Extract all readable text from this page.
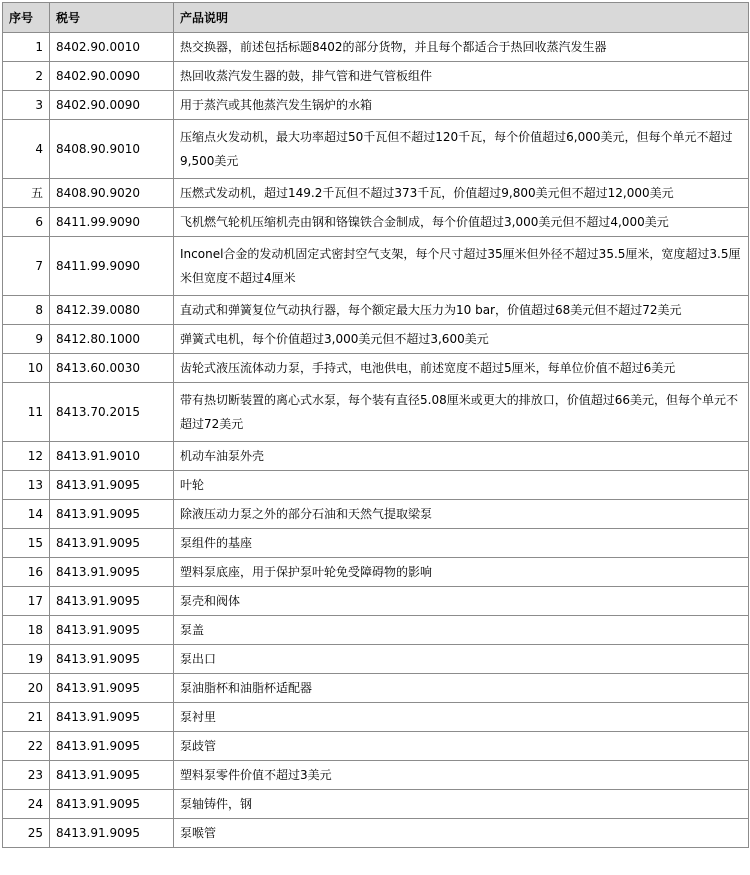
序号	税号	产品说明
1	8402.90.0010	热交换器，前述包括标题8402的部分货物，并且每个都适合于热回收蒸汽发生器
2	8402.90.0090	热回收蒸汽发生器的鼓，排气管和进气管板组件
3	8402.90.0090	用于蒸汽或其他蒸汽发生锅炉的水箱
4	8408.90.9010	压缩点火发动机，最大功率超过50千瓦但不超过120千瓦，每个价值超过6,000美元，但每个单元不超过9,500美元
五	8408.90.9020	压燃式发动机，超过149.2千瓦但不超过373千瓦，价值超过9,800美元但不超过12,000美元
6	8411.99.9090	飞机燃气轮机压缩机壳由钢和铬镍铁合金制成，每个价值超过3,000美元但不超过4,000美元
7	8411.99.9090	Inconel合金的发动机固定式密封空气支架，每个尺寸超过35厘米但外径不超过35.5厘米，宽度超过3.5厘米但宽度不超过4厘米
8	8412.39.0080	直动式和弹簧复位气动执行器，每个额定最大压力为10 bar，价值超过68美元但不超过72美元
9	8412.80.1000	弹簧式电机，每个价值超过3,000美元但不超过3,600美元
10	8413.60.0030	齿轮式液压流体动力泵，手持式，电池供电，前述宽度不超过5厘米，每单位价值不超过6美元
11	8413.70.2015	带有热切断装置的离心式水泵，每个装有直径5.08厘米或更大的排放口，价值超过66美元，但每个单元不超过72美元
12	8413.91.9010	机动车油泵外壳
13	8413.91.9095	叶轮
14	8413.91.9095	除液压动力泵之外的部分石油和天然气提取梁泵
15	8413.91.9095	泵组件的基座
16	8413.91.9095	塑料泵底座，用于保护泵叶轮免受障碍物的影响
17	8413.91.9095	泵壳和阀体
18	8413.91.9095	泵盖
19	8413.91.9095	泵出口
20	8413.91.9095	泵油脂杯和油脂杯适配器
21	8413.91.9095	泵衬里
22	8413.91.9095	泵歧管
23	8413.91.9095	塑料泵零件价值不超过3美元
24	8413.91.9095	泵轴铸件，钢
25	8413.91.9095	泵喉管
